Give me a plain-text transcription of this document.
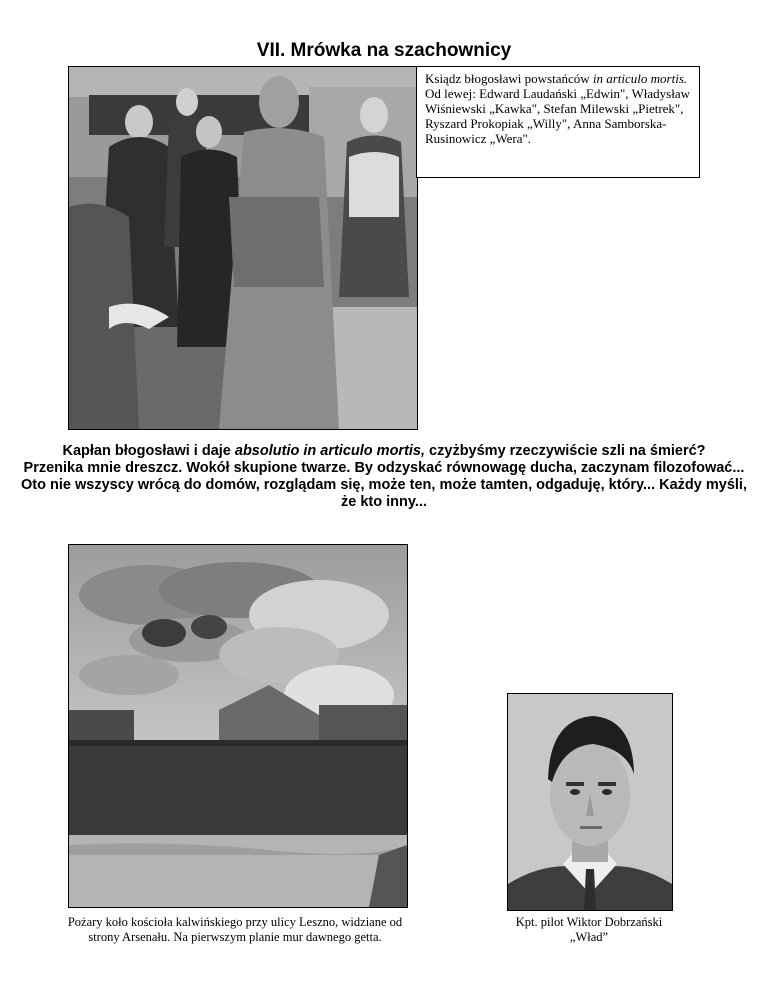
VII. Mrówka na szachownicy
Ksiądz błogosławi powstańców in articulo mortis. Od lewej: Edward Laudański „Edwin", Władysław Wiśniewski „Kawka", Stefan Milewski „Pietrek", Ryszard Prokopiak „Willy", Anna Samborska-Rusinowicz „Wera".

Kapłan błogosławi i daje absolutio in articulo mortis, czyżbyśmy rzeczywiście szli na śmierć?

Przenika mnie dreszcz. Wokół skupione twarze. By odzyskać równowagę ducha, zaczynam filozofować... Oto nie wszyscy wrócą do domów, rozglądam się, może ten, może tamten, odgaduję, który... Każdy myśli, że kto inny...

Pożary koło kościoła kalwińskiego przy ulicy Leszno, widziane od strony Arsenału. Na pierwszym planie mur dawnego getta.
Kpt. pilot Wiktor Dobrzański
„Wład”
